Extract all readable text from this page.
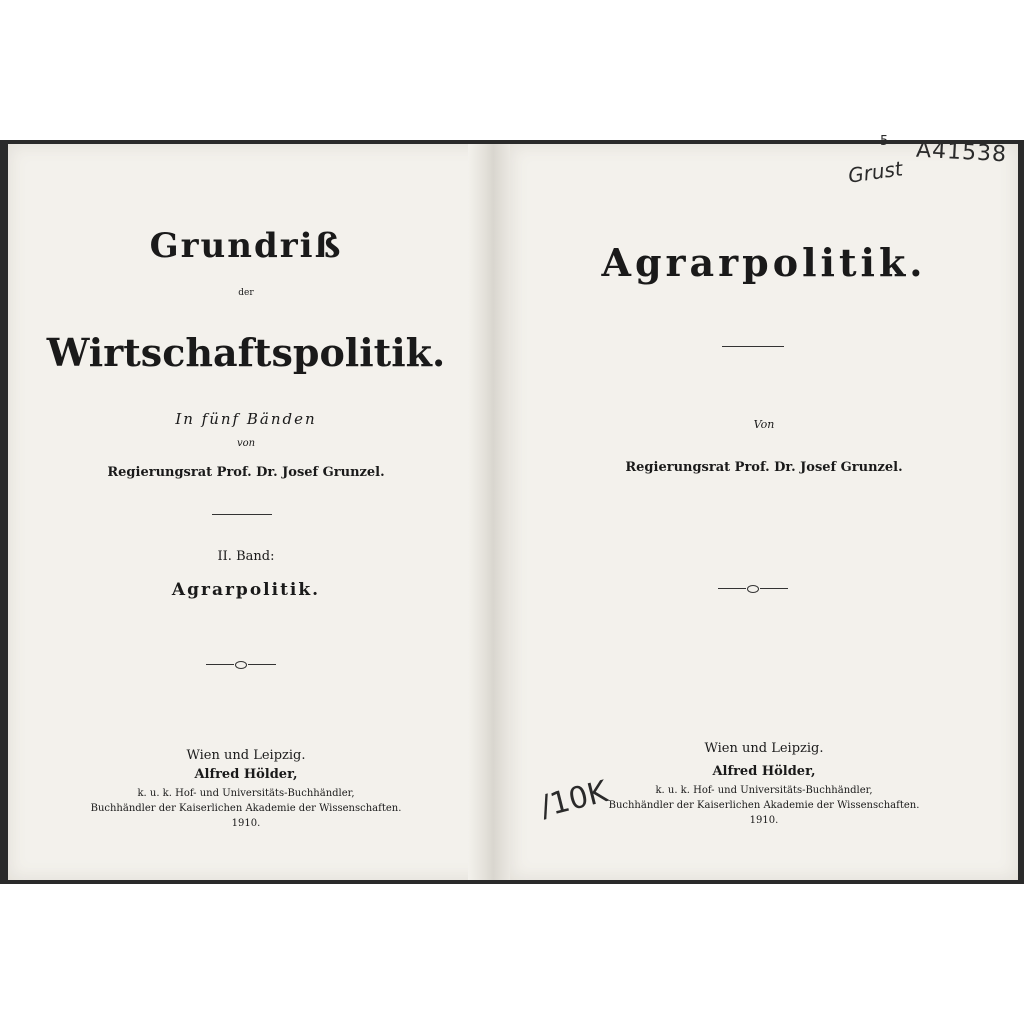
Grundriß
der
Wirtschaftspolitik.
In fünf Bänden
von
Regierungsrat Prof. Dr. Josef Grunzel.
II. Band:
Agrarpolitik.
Wien und Leipzig.
Alfred Hölder,
k. u. k. Hof- und Universitäts-Buchhändler,
Buchhändler der Kaiserlichen Akademie der Wissenschaften.
1910.
Agrarpolitik.
Von
Regierungsrat Prof. Dr. Josef Grunzel.
Wien und Leipzig.
Alfred Hölder,
k. u. k. Hof- und Universitäts-Buchhändler,
Buchhändler der Kaiserlichen Akademie der Wissenschaften.
1910.
A41538
5
Grust
/10K
